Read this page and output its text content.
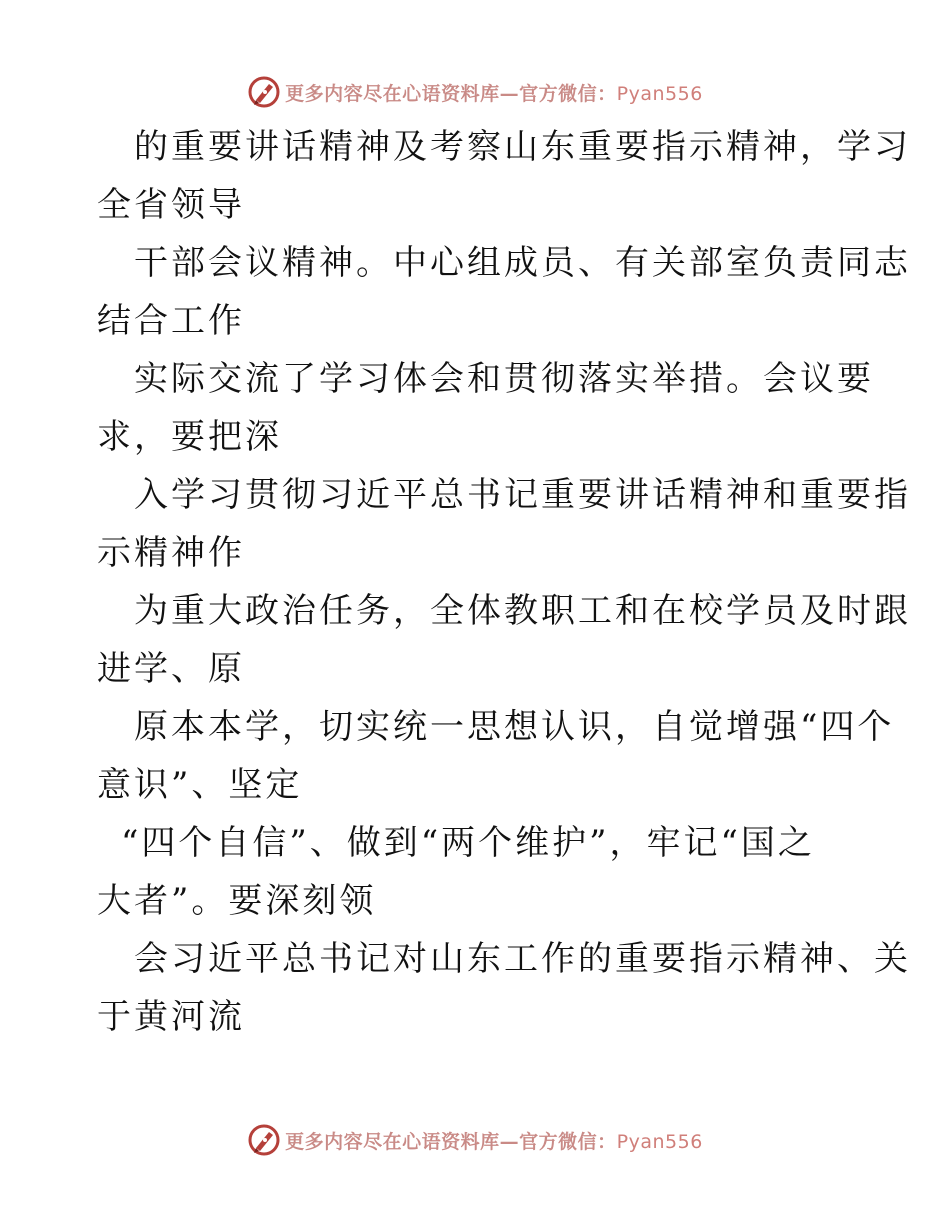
更多内容尽在心语资料库—官方微信：Pyan556

的重要讲话精神及考察山东重要指示精神，学习
全省领导

干部会议精神。中心组成员、有关部室负责同志
结合工作

实际交流了学习体会和贯彻落实举措。会议要
求，要把深

入学习贯彻习近平总书记重要讲话精神和重要指
示精神作

为重大政治任务，全体教职工和在校学员及时跟
进学、原

原本本学，切实统一思想认识，自觉增强“四个
意识”、坚定

“四个自信”、做到“两个维护”，牢记“国之
大者”。要深刻领

会习近平总书记对山东工作的重要指示精神、关
于黄河流

更多内容尽在心语资料库—官方微信：Pyan556
